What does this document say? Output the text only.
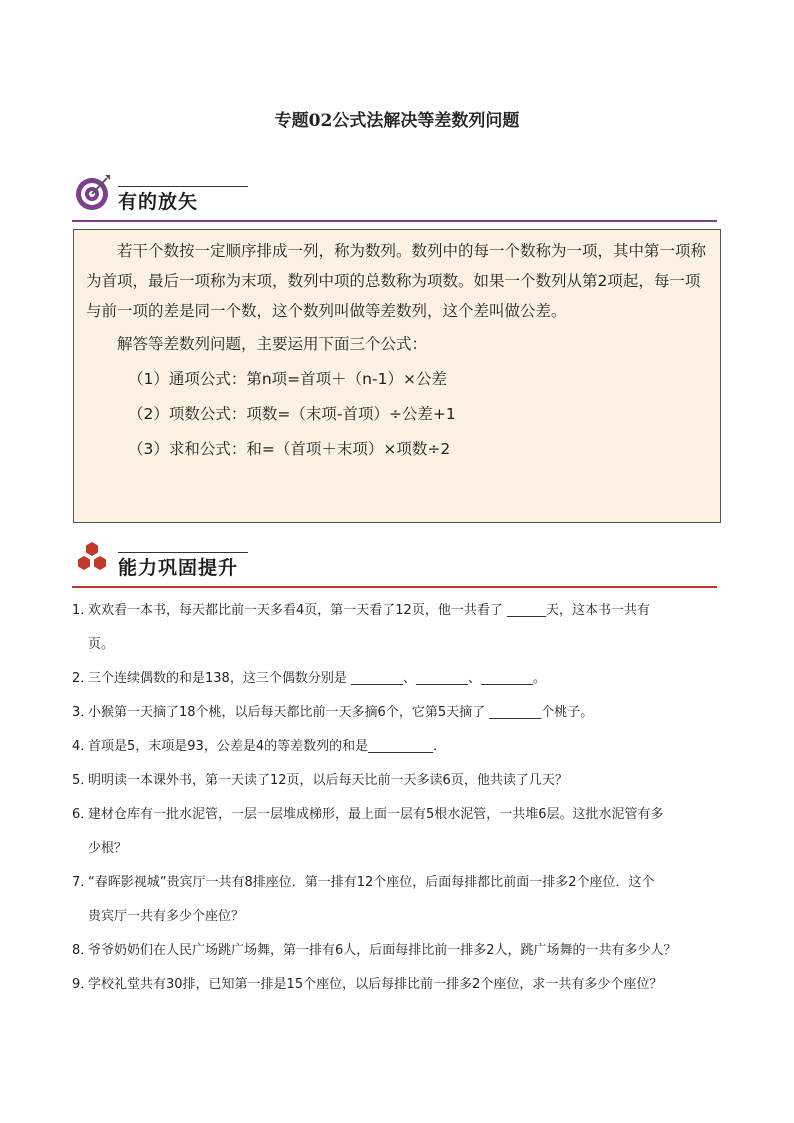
专题02公式法解决等差数列问题
有的放矢

若干个数按一定顺序排成一列，称为数列。数列中的每一个数称为一项，其中第一项称为首项，最后一项称为末项，数列中项的总数称为项数。如果一个数列从第2项起，每一项与前一项的差是同一个数，这个数列叫做等差数列，这个差叫做公差。

解答等差数列问题，主要运用下面三个公式：

（1）通项公式：第n项=首项＋（n-1）×公差

（2）项数公式：项数=（末项-首项）÷公差+1

（3）求和公式：和=（首项＋末项）×项数÷2

能力巩固提升
1．欢欢看一本书，每天都比前一天多看4页，第一天看了12页，他一共看了 ______天，这本书一共有
页。
2．三个连续偶数的和是138，这三个偶数分别是 ________、________、________。
3．小猴第一天摘了18个桃，以后每天都比前一天多摘6个，它第5天摘了 ________个桃子。
4．首项是5，末项是93，公差是4的等差数列的和是__________．
5．明明读一本课外书，第一天读了12页，以后每天比前一天多读6页，他共读了几天？
6．建材仓库有一批水泥管，一层一层堆成梯形，最上面一层有5根水泥管，一共堆6层。这批水泥管有多
少根？
7．“春晖影视城”贵宾厅一共有8排座位．第一排有12个座位，后面每排都比前面一排多2个座位．这个
贵宾厅一共有多少个座位？
8．爷爷奶奶们在人民广场跳广场舞，第一排有6人，后面每排比前一排多2人，跳广场舞的一共有多少人？
9．学校礼堂共有30排，已知第一排是15个座位，以后每排比前一排多2个座位，求一共有多少个座位？
